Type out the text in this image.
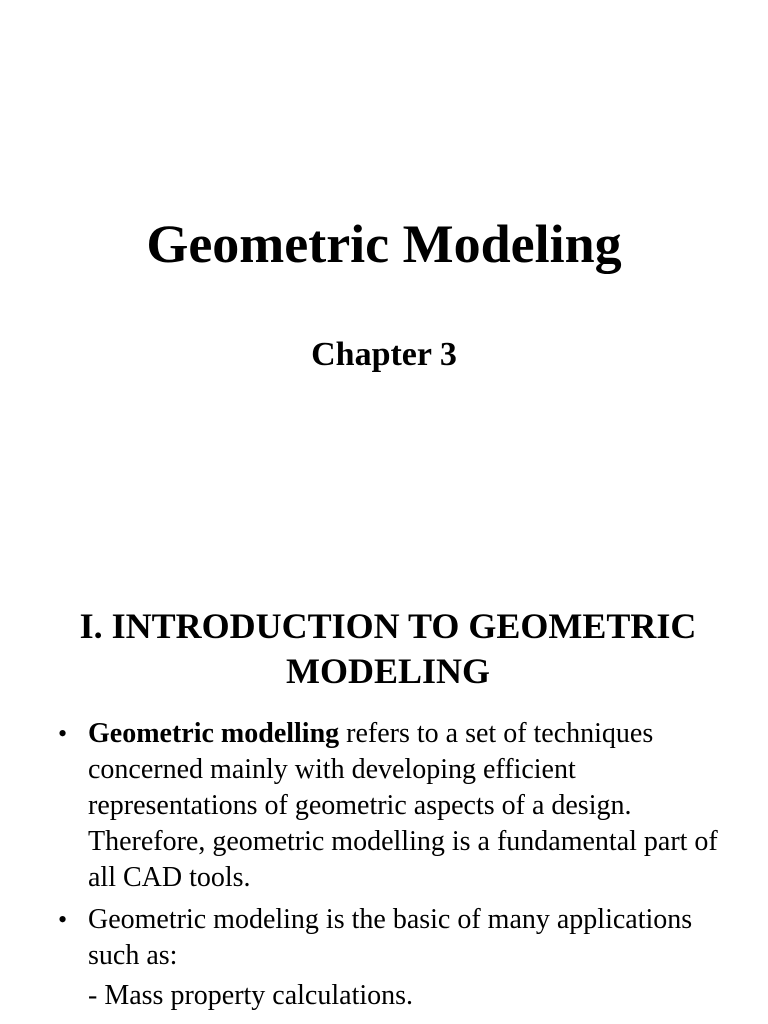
Geometric Modeling
Chapter 3
I. INTRODUCTION TO GEOMETRIC MODELING
• Geometric modelling refers to a set of techniques concerned mainly with developing efficient representations of geometric aspects of a design. Therefore, geometric modelling is a fundamental part of all CAD tools.
• Geometric modeling is the basic of many applications such as:
- Mass property calculations.
